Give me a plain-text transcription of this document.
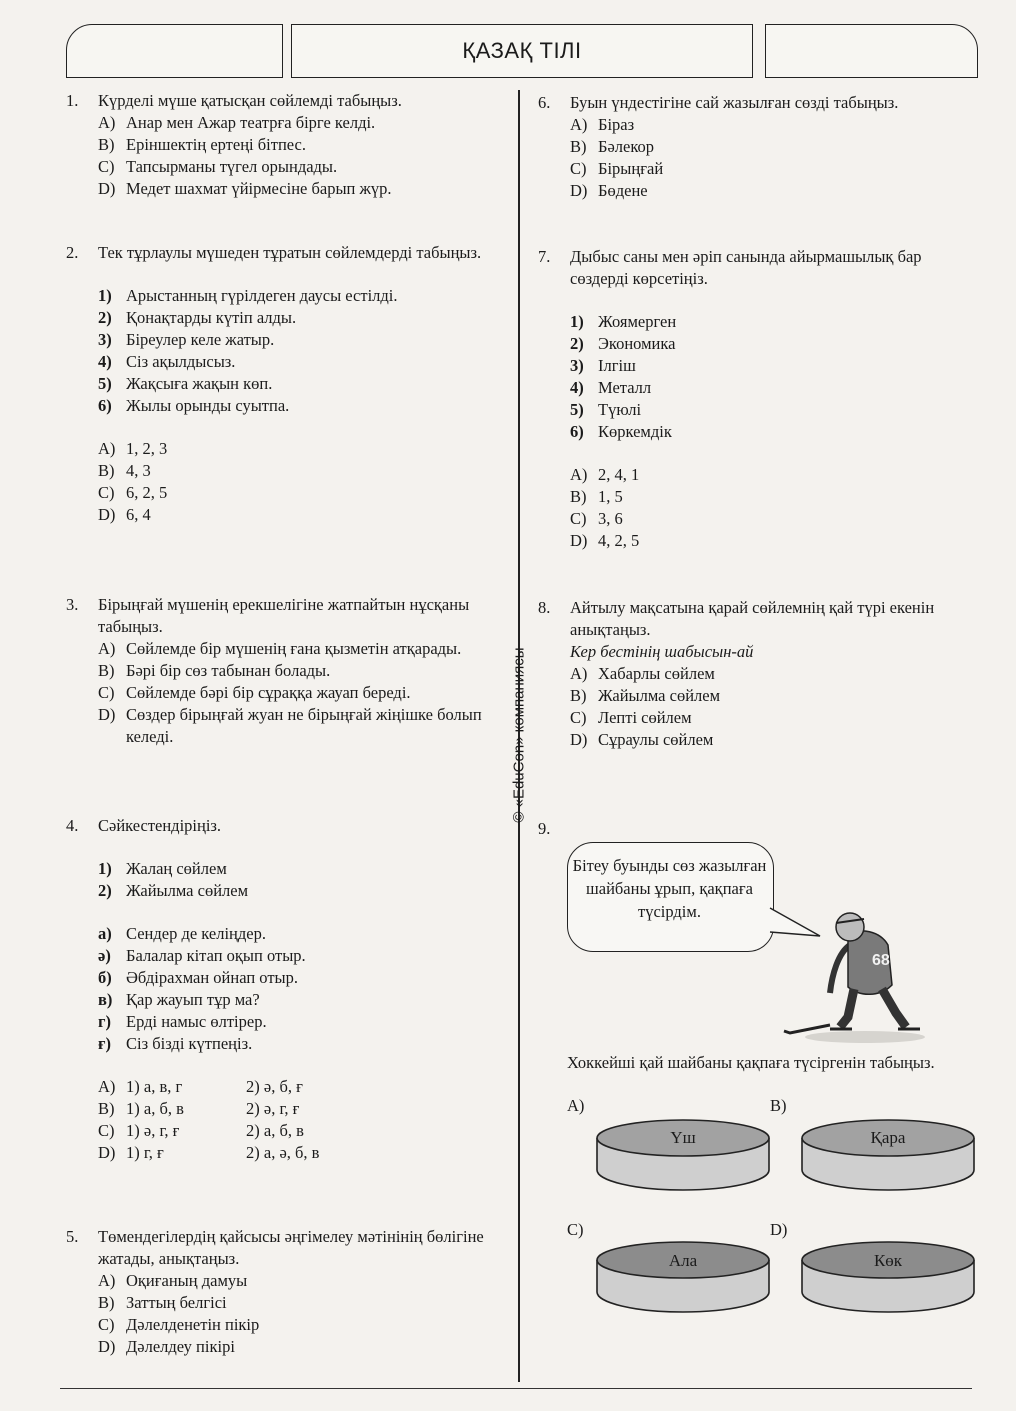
ҚАЗАҚ ТІЛІ
© «EduCon» компаниясы
1. Күрделі мүше қатысқан сөйлемді табыңыз.
A) Анар мен Ажар театрға бірге келді.
B) Еріншектің ертеңі бітпес.
C) Тапсырманы түгел орындады.
D) Медет шахмат үйірмесіне барып жүр.
2. Тек тұрлаулы мүшеден тұратын сөйлемдерді табыңыз.
1) Арыстанның гүрілдеген даусы естілді.
2) Қонақтарды күтіп алды.
3) Біреулер келе жатыр.
4) Сіз ақылдысыз.
5) Жақсыға жақын көп.
6) Жылы орынды суытпа.
A) 1, 2, 3
B) 4, 3
C) 6, 2, 5
D) 6, 4
3. Бірыңғай мүшенің ерекшелігіне жатпайтын нұсқаны табыңыз.
A) Сөйлемде бір мүшенің ғана қызметін атқарады.
B) Бәрі бір сөз табынан болады.
C) Сөйлемде бәрі бір сұраққа жауап береді.
D) Сөздер бірыңғай жуан не бірыңғай жіңішке болып келеді.
4. Сәйкестендіріңіз.
1) Жалаң сөйлем
2) Жайылма сөйлем
а) Сендер де келіңдер.
ә) Балалар кітап оқып отыр.
б) Әбдірахман ойнап отыр.
в) Қар жауып тұр ма?
г) Ерді намыс өлтірер.
ғ) Сіз бізді күтпеңіз.
A) 1) а, в, г	2) ә, б, ғ
B) 1) а, б, в	2) ә, г, ғ
C) 1) ә, г, ғ	2) а, б, в
D) 1) г, ғ	2) а, ә, б, в
5. Төмендегілердің қайсысы әңгімелеу мәтінінің бөлігіне жатады, анықтаңыз.
A) Оқиғаның дамуы
B) Заттың белгісі
C) Дәлелденетін пікір
D) Дәлелдеу пікірі
6. Буын үндестігіне сай жазылған сөзді табыңыз.
A) Біраз
B) Бәлекор
C) Бірыңғай
D) Бөдене
7. Дыбыс саны мен әріп санында айырмашылық бар сөздерді көрсетіңіз.
1) Жоямерген
2) Экономика
3) Ілгіш
4) Металл
5) Түюлі
6) Көркемдік
A) 2, 4, 1
B) 1, 5
C) 3, 6
D) 4, 2, 5
8. Айтылу мақсатына қарай сөйлемнің қай түрі екенін анықтаңыз.
Кер бестінің шабысын-ай
A) Хабарлы сөйлем
B) Жайылма сөйлем
C) Лепті сөйлем
D) Сұраулы сөйлем
9.
Бітеу буынды сөз жазылған шайбаны ұрып, қақпаға түсірдім.
68
Хоккейші қай шайбаны қақпаға түсіргенін табыңыз.
A)	B)
C)	D)
Үш	Қара
Ала	Көк
